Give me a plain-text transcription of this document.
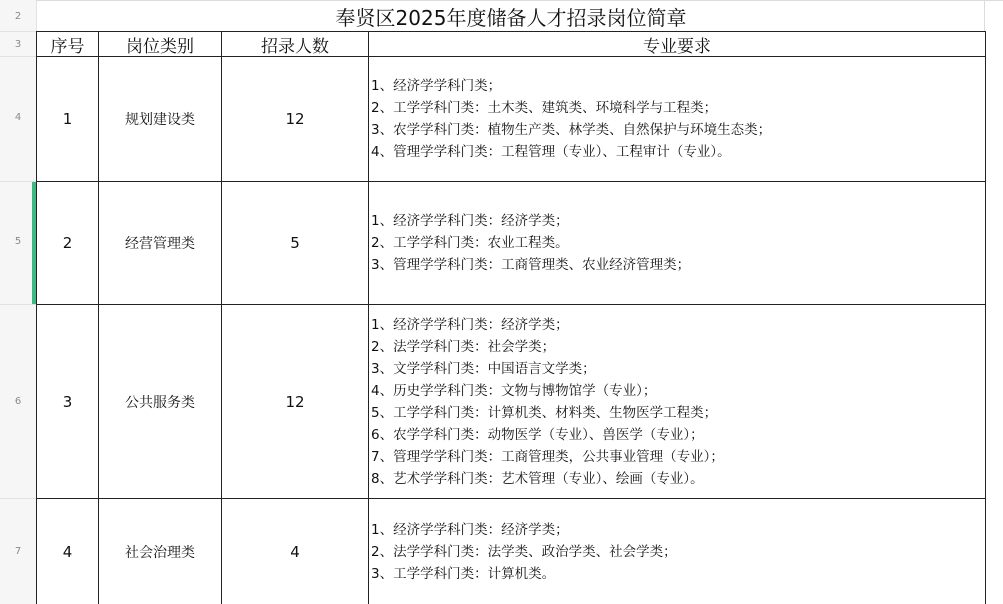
2
3
4
5
6
7
奉贤区2025年度储备人才招录岗位简章
序号	岗位类别	招录人数	专业要求
1	规划建设类	12
1、经济学学科门类；
2、工学学科门类：土木类、建筑类、环境科学与工程类；
3、农学学科门类：植物生产类、林学类、自然保护与环境生态类；
4、管理学学科门类：工程管理（专业）、工程审计（专业）。
2	经营管理类	5
1、经济学学科门类：经济学类；
2、工学学科门类：农业工程类。
3、管理学学科门类：工商管理类、农业经济管理类；
3	公共服务类	12
1、经济学学科门类：经济学类；
2、法学学科门类：社会学类；
3、文学学科门类：中国语言文学类；
4、历史学学科门类：文物与博物馆学（专业）；
5、工学学科门类：计算机类、材料类、生物医学工程类；
6、农学学科门类：动物医学（专业）、兽医学（专业）；
7、管理学学科门类：工商管理类，公共事业管理（专业）；
8、艺术学学科门类：艺术管理（专业）、绘画（专业）。
4	社会治理类	4
1、经济学学科门类：经济学类；
2、法学学科门类：法学类、政治学类、社会学类；
3、工学学科门类：计算机类。
